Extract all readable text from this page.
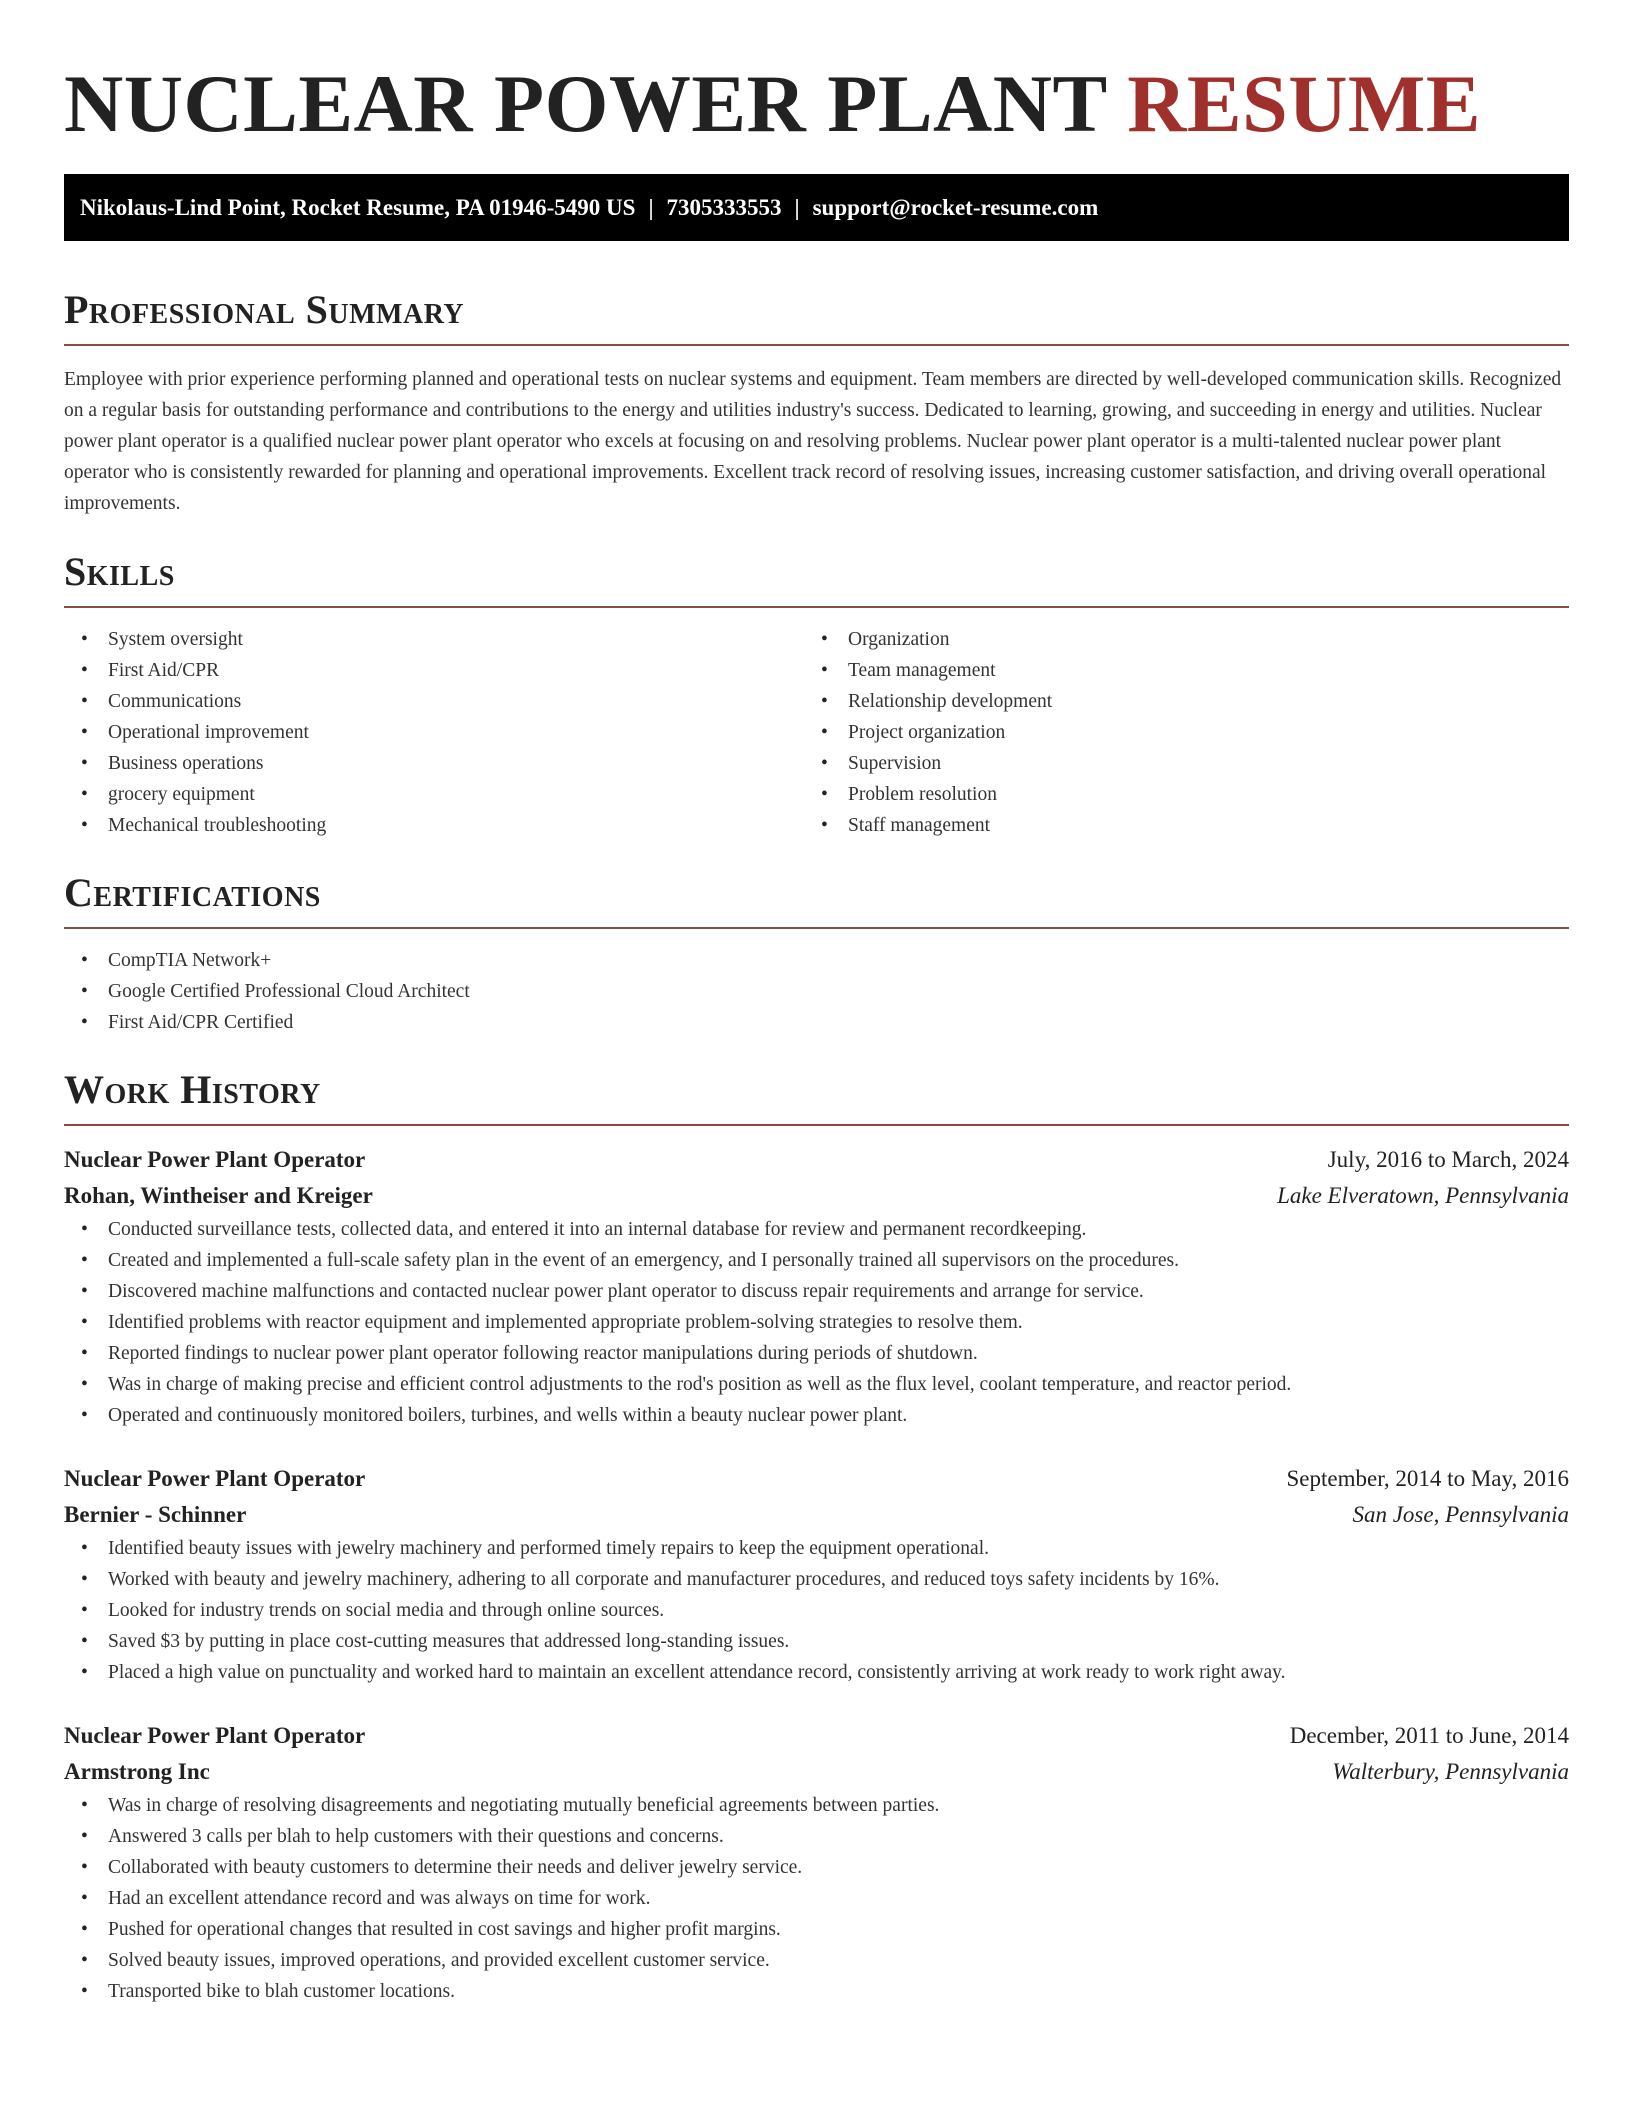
NUCLEAR POWER PLANT RESUME
Nikolaus-Lind Point, Rocket Resume, PA 01946-5490 US | 7305333553 | support@rocket-resume.com
Professional Summary

Employee with prior experience performing planned and operational tests on nuclear systems and equipment. Team members are directed by well-developed communication skills. Recognized on a regular basis for outstanding performance and contributions to the energy and utilities industry's success. Dedicated to learning, growing, and succeeding in energy and utilities. Nuclear power plant operator is a qualified nuclear power plant operator who excels at focusing on and resolving problems. Nuclear power plant operator is a multi-talented nuclear power plant operator who is consistently rewarded for planning and operational improvements. Excellent track record of resolving issues, increasing customer satisfaction, and driving overall operational improvements.

Skills
• System oversight
• First Aid/CPR
• Communications
• Operational improvement
• Business operations
• grocery equipment
• Mechanical troubleshooting
• Organization
• Team management
• Relationship development
• Project organization
• Supervision
• Problem resolution
• Staff management
Certifications
• CompTIA Network+
• Google Certified Professional Cloud Architect
• First Aid/CPR Certified
Work History
Nuclear Power Plant Operator	July, 2016 to March, 2024
Rohan, Wintheiser and Kreiger	Lake Elveratown, Pennsylvania
• Conducted surveillance tests, collected data, and entered it into an internal database for review and permanent recordkeeping.
• Created and implemented a full-scale safety plan in the event of an emergency, and I personally trained all supervisors on the procedures.
• Discovered machine malfunctions and contacted nuclear power plant operator to discuss repair requirements and arrange for service.
• Identified problems with reactor equipment and implemented appropriate problem-solving strategies to resolve them.
• Reported findings to nuclear power plant operator following reactor manipulations during periods of shutdown.
• Was in charge of making precise and efficient control adjustments to the rod's position as well as the flux level, coolant temperature, and reactor period.
• Operated and continuously monitored boilers, turbines, and wells within a beauty nuclear power plant.
Nuclear Power Plant Operator	September, 2014 to May, 2016
Bernier - Schinner	San Jose, Pennsylvania
• Identified beauty issues with jewelry machinery and performed timely repairs to keep the equipment operational.
• Worked with beauty and jewelry machinery, adhering to all corporate and manufacturer procedures, and reduced toys safety incidents by 16%.
• Looked for industry trends on social media and through online sources.
• Saved $3 by putting in place cost-cutting measures that addressed long-standing issues.
• Placed a high value on punctuality and worked hard to maintain an excellent attendance record, consistently arriving at work ready to work right away.
Nuclear Power Plant Operator	December, 2011 to June, 2014
Armstrong Inc	Walterbury, Pennsylvania
• Was in charge of resolving disagreements and negotiating mutually beneficial agreements between parties.
• Answered 3 calls per blah to help customers with their questions and concerns.
• Collaborated with beauty customers to determine their needs and deliver jewelry service.
• Had an excellent attendance record and was always on time for work.
• Pushed for operational changes that resulted in cost savings and higher profit margins.
• Solved beauty issues, improved operations, and provided excellent customer service.
• Transported bike to blah customer locations.
